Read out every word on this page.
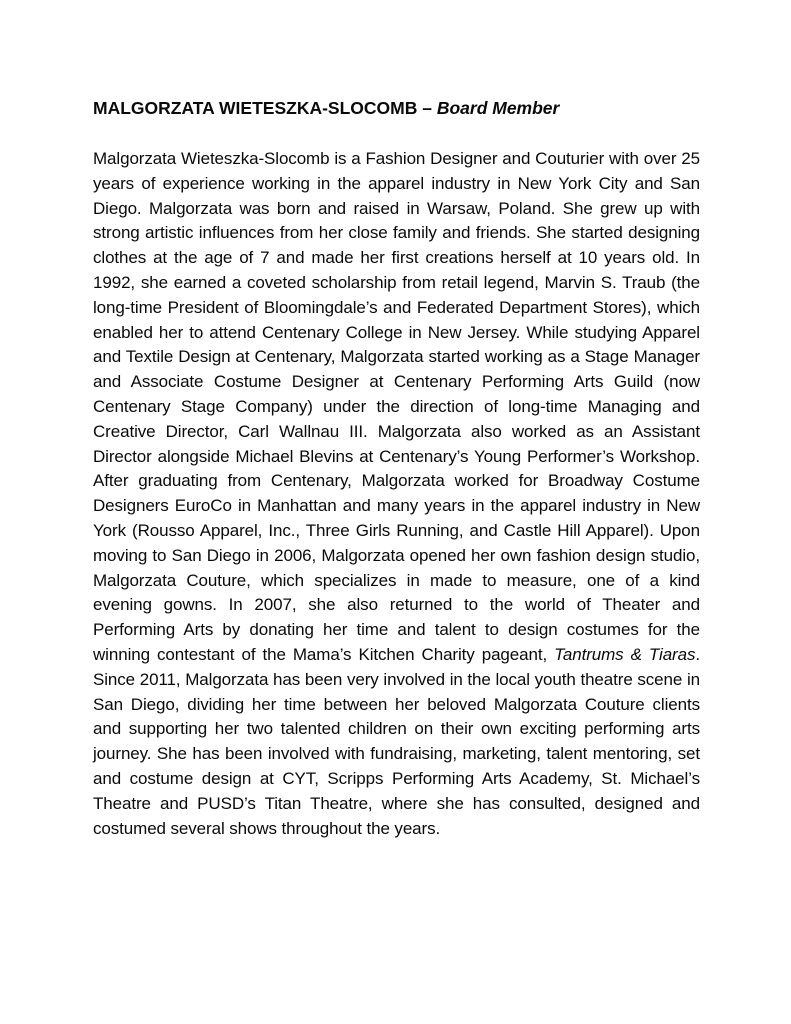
MALGORZATA WIETESZKA-SLOCOMB – Board Member

Malgorzata Wieteszka-Slocomb is a Fashion Designer and Couturier with over 25 years of experience working in the apparel industry in New York City and San Diego. Malgorzata was born and raised in Warsaw, Poland. She grew up with strong artistic influences from her close family and friends. She started designing clothes at the age of 7 and made her first creations herself at 10 years old. In 1992, she earned a coveted scholarship from retail legend, Marvin S. Traub (the long-time President of Bloomingdale’s and Federated Department Stores), which enabled her to attend Centenary College in New Jersey. While studying Apparel and Textile Design at Centenary, Malgorzata started working as a Stage Manager and Associate Costume Designer at Centenary Performing Arts Guild (now Centenary Stage Company) under the direction of long-time Managing and Creative Director, Carl Wallnau III. Malgorzata also worked as an Assistant Director alongside Michael Blevins at Centenary’s Young Performer’s Workshop. After graduating from Centenary, Malgorzata worked for Broadway Costume Designers EuroCo in Manhattan and many years in the apparel industry in New York (Rousso Apparel, Inc., Three Girls Running, and Castle Hill Apparel). Upon moving to San Diego in 2006, Malgorzata opened her own fashion design studio, Malgorzata Couture, which specializes in made to measure, one of a kind evening gowns. In 2007, she also returned to the world of Theater and Performing Arts by donating her time and talent to design costumes for the winning contestant of the Mama’s Kitchen Charity pageant, Tantrums & Tiaras. Since 2011, Malgorzata has been very involved in the local youth theatre scene in San Diego, dividing her time between her beloved Malgorzata Couture clients and supporting her two talented children on their own exciting performing arts journey. She has been involved with fundraising, marketing, talent mentoring, set and costume design at CYT, Scripps Performing Arts Academy, St. Michael’s Theatre and PUSD’s Titan Theatre, where she has consulted, designed and costumed several shows throughout the years.
